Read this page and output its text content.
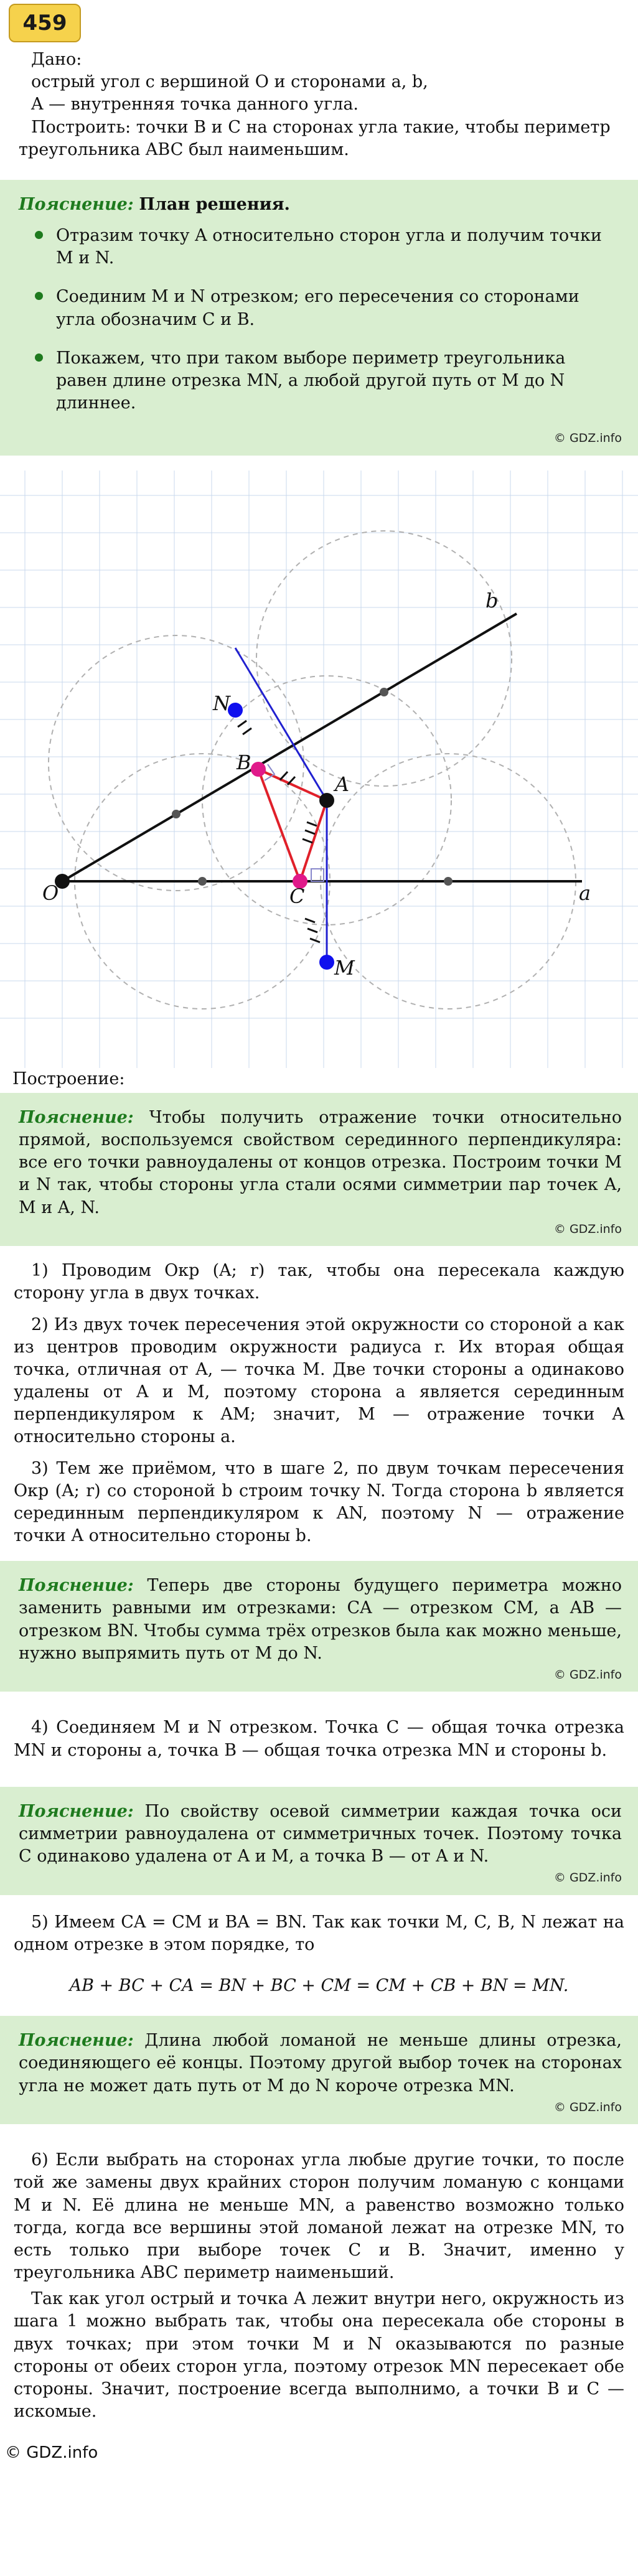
459

Дано:

острый угол с вершиной O и сторонами a, b,

A — внутренняя точка данного угла.

Построить: точки B и C на сторонах угла такие, чтобы периметр треугольника ABC был наименьшим.

Пояснение: План решения.
Отразим точку A относительно сторон угла и получим точки M и N.
Соединим M и N отрезком; его пересечения со сторонами угла обозначим C и B.
Покажем, что при таком выборе периметр треугольника равен длине отрезка MN, а любой другой путь от M до N длиннее.
© GDZ.info
O
A
B
C
M
N
a
b

Построение:

Пояснение: Чтобы получить отражение точки относительно прямой, воспользуемся свойством серединного перпендикуляра: все его точки равноудалены от концов отрезка. Построим точки M и N так, чтобы стороны угла стали осями симметрии пар точек A, M и A, N.

© GDZ.info

1) Проводим Окр (A; r) так, чтобы она пересекала каждую сторону угла в двух точках.

2) Из двух точек пересечения этой окружности со стороной a как из центров проводим окружности радиуса r. Их вторая общая точка, отличная от A, — точка M. Две точки стороны a одинаково удалены от A и M, поэтому сторона a является серединным перпендикуляром к AM; значит, M — отражение точки A относительно стороны a.

3) Тем же приёмом, что в шаге 2, по двум точкам пересечения Окр (A; r) со стороной b строим точку N. Тогда сторона b является серединным перпендикуляром к AN, поэтому N — отражение точки A относительно стороны b.

Пояснение: Теперь две стороны будущего периметра можно заменить равными им отрезками: CA — отрезком CM, а AB — отрезком BN. Чтобы сумма трёх отрезков была как можно меньше, нужно выпрямить путь от M до N.

© GDZ.info

4) Соединяем M и N отрезком. Точка C — общая точка отрезка MN и стороны a, точка B — общая точка отрезка MN и стороны b.

Пояснение: По свойству осевой симметрии каждая точка оси симметрии равноудалена от симметричных точек. Поэтому точка C одинаково удалена от A и M, а точка B — от A и N.

© GDZ.info

5) Имеем CA = CM и BA = BN. Так как точки M, C, B, N лежат на одном отрезке в этом порядке, то

AB + BC + CA = BN + BC + CM = CM + CB + BN = MN.

Пояснение: Длина любой ломаной не меньше длины отрезка, соединяющего её концы. Поэтому другой выбор точек на сторонах угла не может дать путь от M до N короче отрезка MN.

© GDZ.info

6) Если выбрать на сторонах угла любые другие точки, то после той же замены двух крайних сторон получим ломаную с концами M и N. Её длина не меньше MN, а равенство возможно только тогда, когда все вершины этой ломаной лежат на отрезке MN, то есть только при выборе точек C и B. Значит, именно у треугольника ABC периметр наименьший.

Так как угол острый и точка A лежит внутри него, окружность из шага 1 можно выбрать так, чтобы она пересекала обе стороны в двух точках; при этом точки M и N оказываются по разные стороны от обеих сторон угла, поэтому отрезок MN пересекает обе стороны. Значит, построение всегда выполнимо, а точки B и C — искомые.

© GDZ.info
